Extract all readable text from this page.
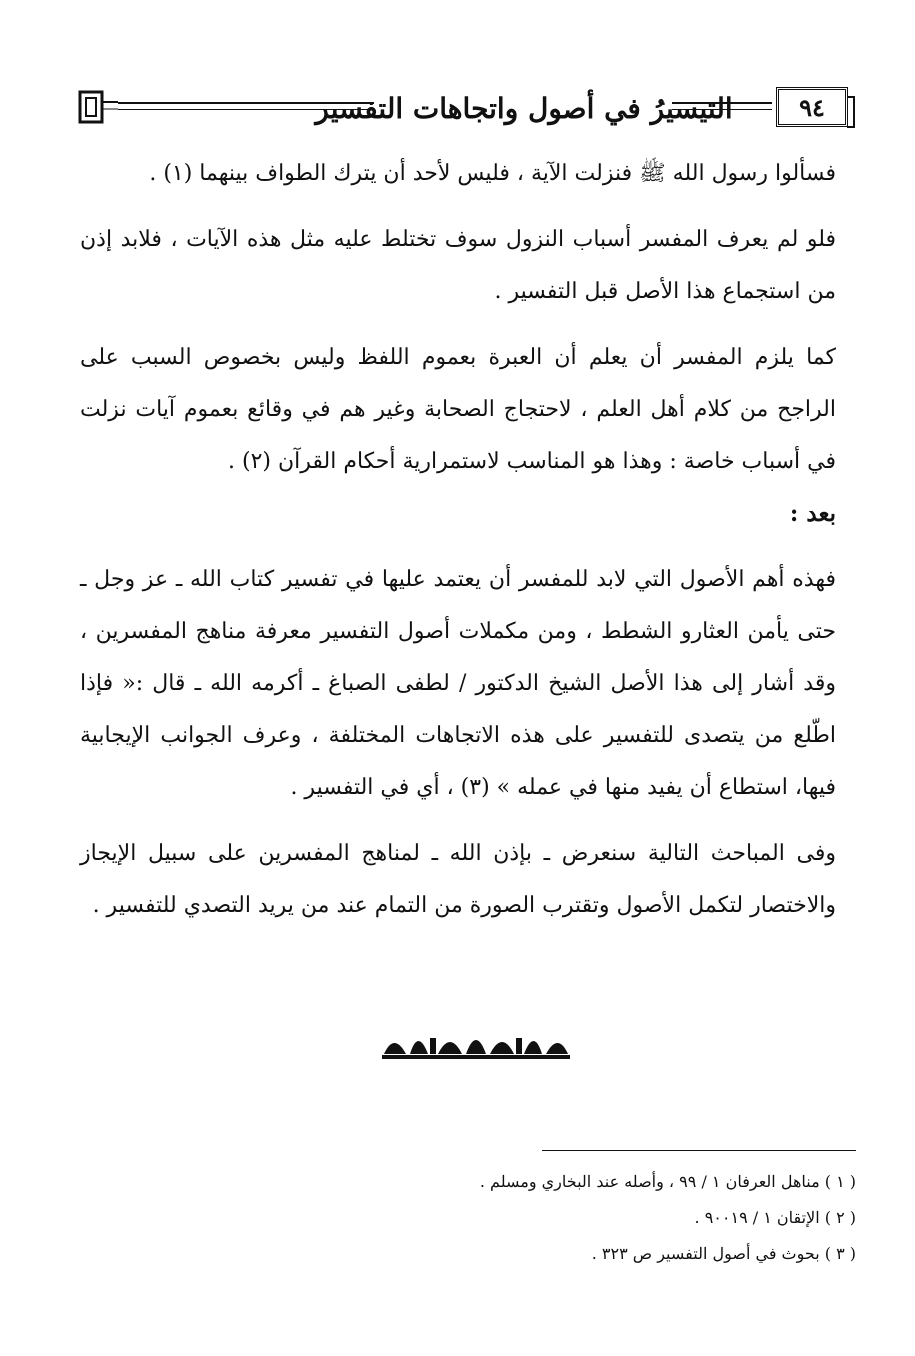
التيسيرُ في أصول واتجاهات التفسير	٩٤

فسألوا رسول الله ﷺ فنزلت الآية ، فليس لأحد أن يترك الطواف بينهما (١) .

فلو لم يعرف المفسر أسباب النزول سوف تختلط عليه مثل هذه الآيات ، فلابد إذن من استجماع هذا الأصل قبل التفسير .

كما يلزم المفسر أن يعلم أن العبرة بعموم اللفظ وليس بخصوص السبب على الراجح من كلام أهل العلم ، لاحتجاج الصحابة وغير هم في وقائع بعموم آيات نزلت في أسباب خاصة : وهذا هو المناسب لاستمرارية أحكام القرآن (٢) .

بعد :

فهذه أهم الأصول التي لابد للمفسر أن يعتمد عليها في تفسير كتاب الله ـ عز وجل ـ حتى يأمن العثارو الشطط ، ومن مكملات أصول التفسير معرفة مناهج المفسرين ، وقد أشار إلى هذا الأصل الشيخ الدكتور / لطفى الصباغ ـ أكرمه الله ـ قال :« فإذا اطّلع من يتصدى للتفسير على هذه الاتجاهات المختلفة ، وعرف الجوانب الإيجابية فيها، استطاع أن يفيد منها في عمله » (٣) ، أي في التفسير .

وفى المباحث التالية سنعرض ـ بإذن الله ـ لمناهج المفسرين على سبيل الإيجاز والاختصار لتكمل الأصول وتقترب الصورة من التمام عند من يريد التصدي للتفسير .

( ١ ) مناهل العرفان ١ / ٩٩ ، وأصله عند البخاري ومسلم .
( ٢ ) الإتقان ١ / ٩٠٠١٩ .
( ٣ ) بحوث في أصول التفسير ص ٣٢٣ .
